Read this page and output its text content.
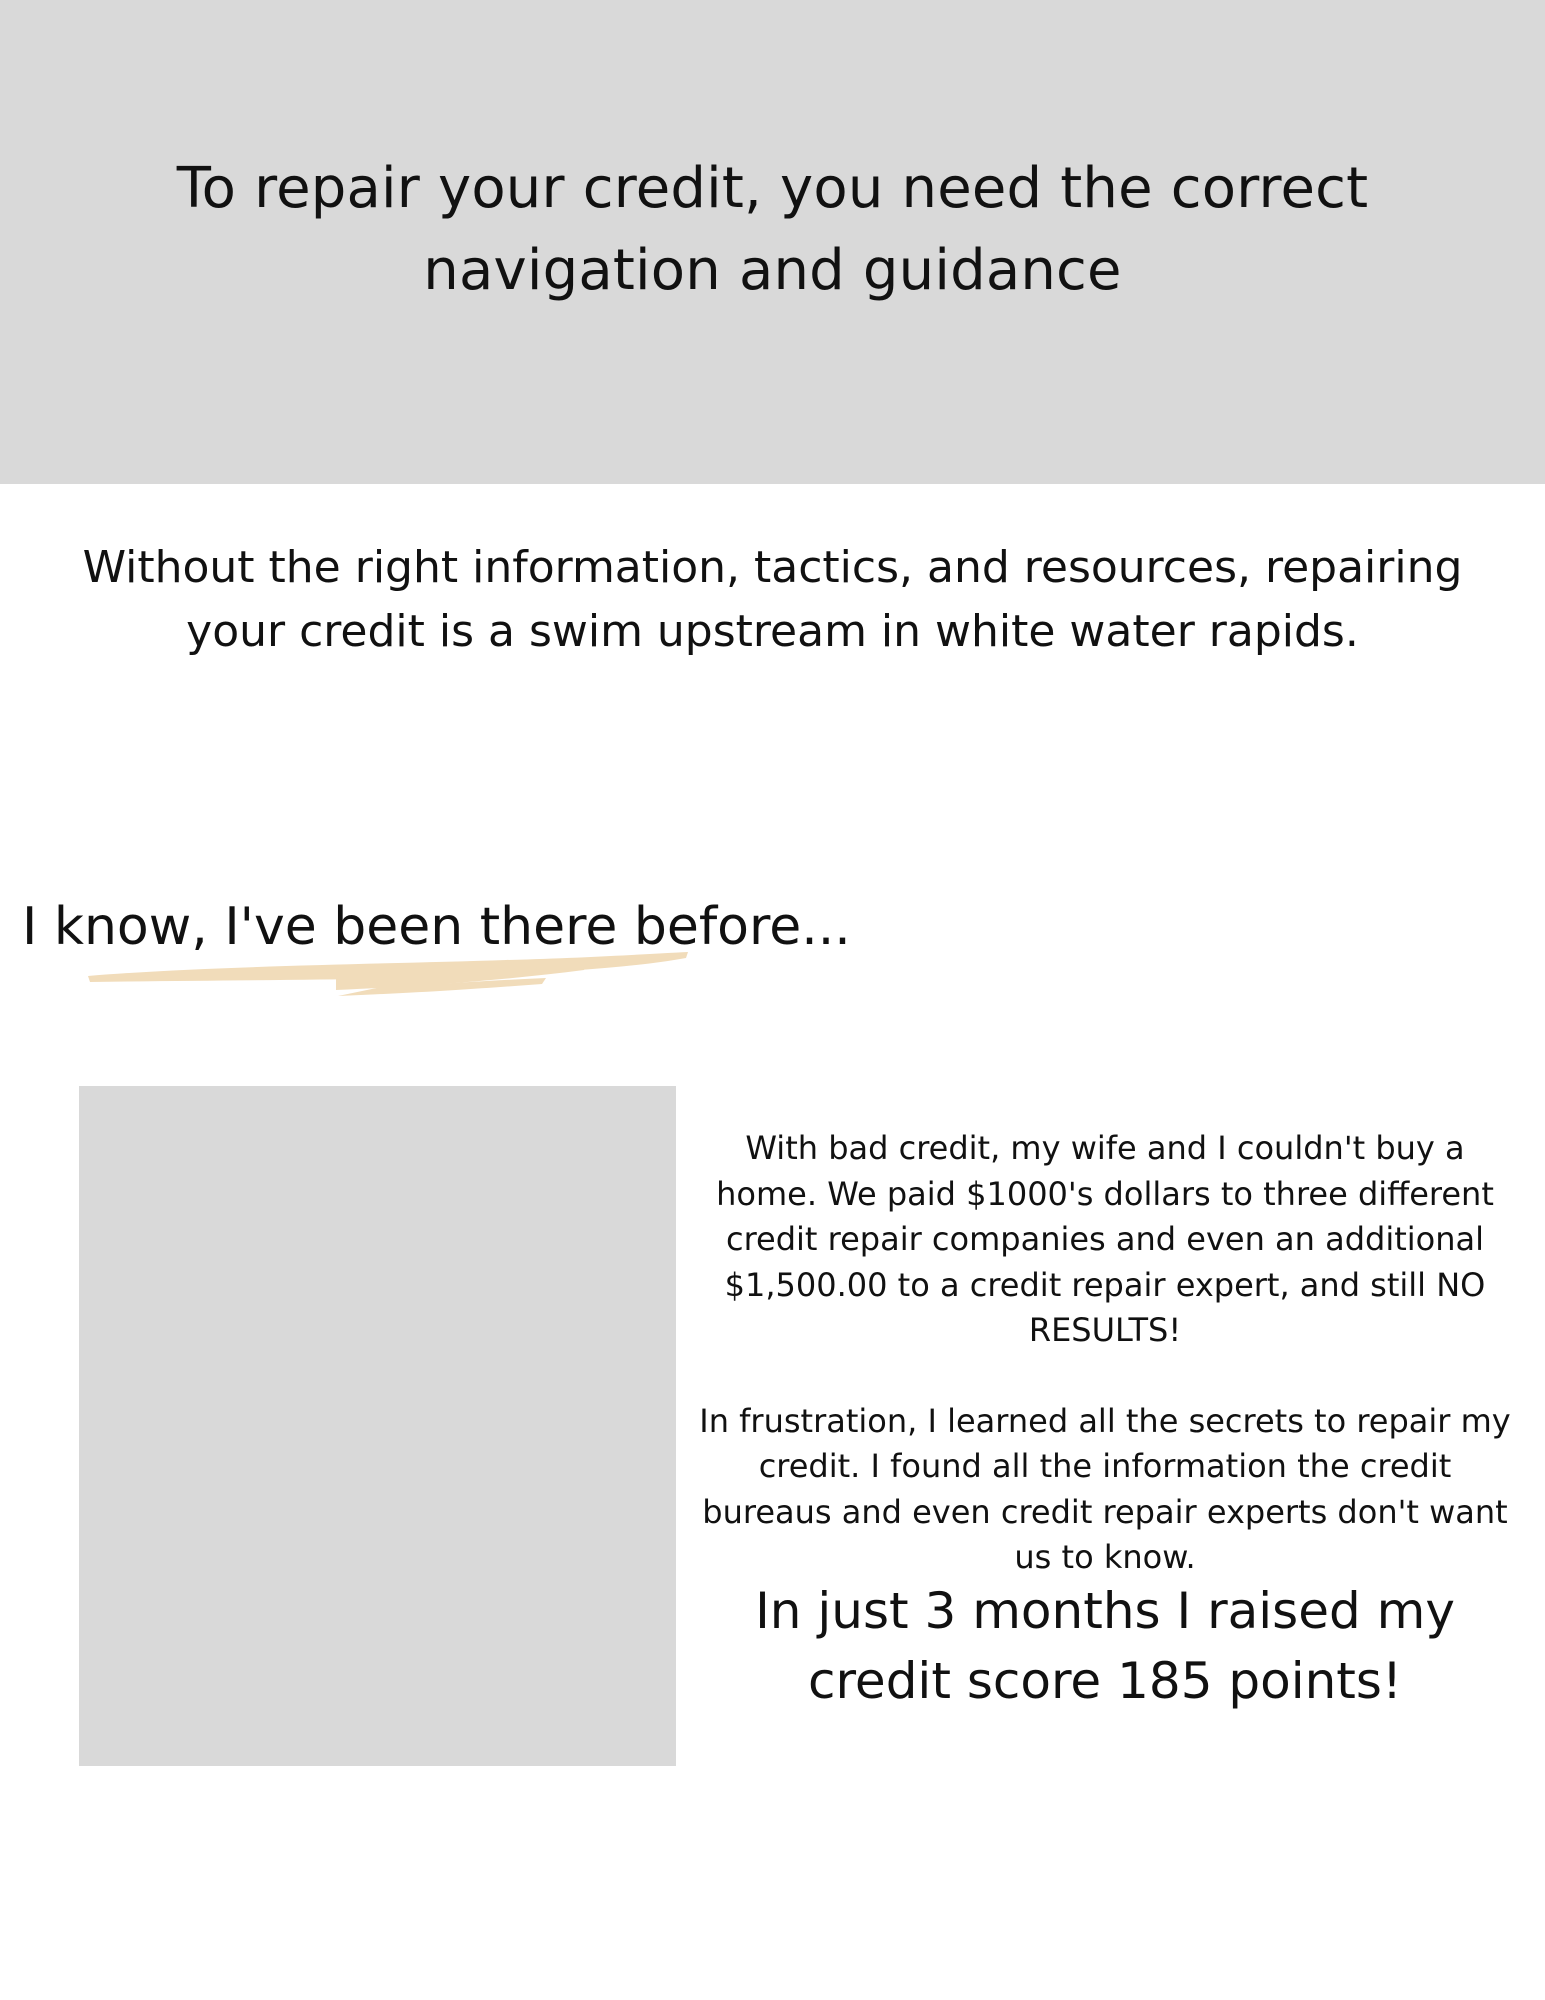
To repair your credit, you need the correct navigation and guidance

Without the right information, tactics, and resources, repairing your credit is a swim upstream in white water rapids.

I know, I've been there before...

With bad credit, my wife and I couldn't buy a home. We paid $1000's dollars to three different credit repair companies and even an additional $1,500.00 to a credit repair expert, and still NO RESULTS!

In frustration, I learned all the secrets to repair my credit. I found all the information the credit bureaus and even credit repair experts don't want us to know.

In just 3 months I raised my credit score 185 points!
